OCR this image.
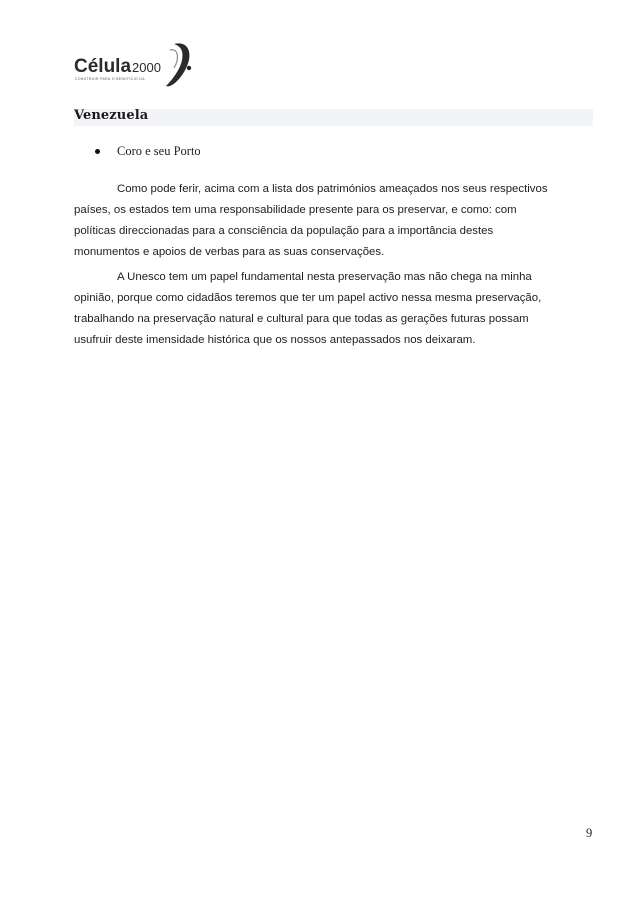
Célula 2000
CONSTRUIR PARA O BENEFÍCIO DA
Venezuela
Coro e seu Porto

Como pode ferir, acima com a lista dos patrimónios ameaçados nos seus respectivos
países, os estados tem uma responsabilidade presente para os preservar, e como: com
políticas direccionadas para a consciência da população para a importância destes
monumentos e apoios de verbas para as suas conservações.

A Unesco tem um papel fundamental nesta preservação mas não chega na minha
opinião, porque como cidadãos teremos que ter um papel activo nessa mesma preservação,
trabalhando na preservação natural e cultural para que todas as gerações futuras possam
usufruir deste imensidade histórica que os nossos antepassados nos deixaram.

9
